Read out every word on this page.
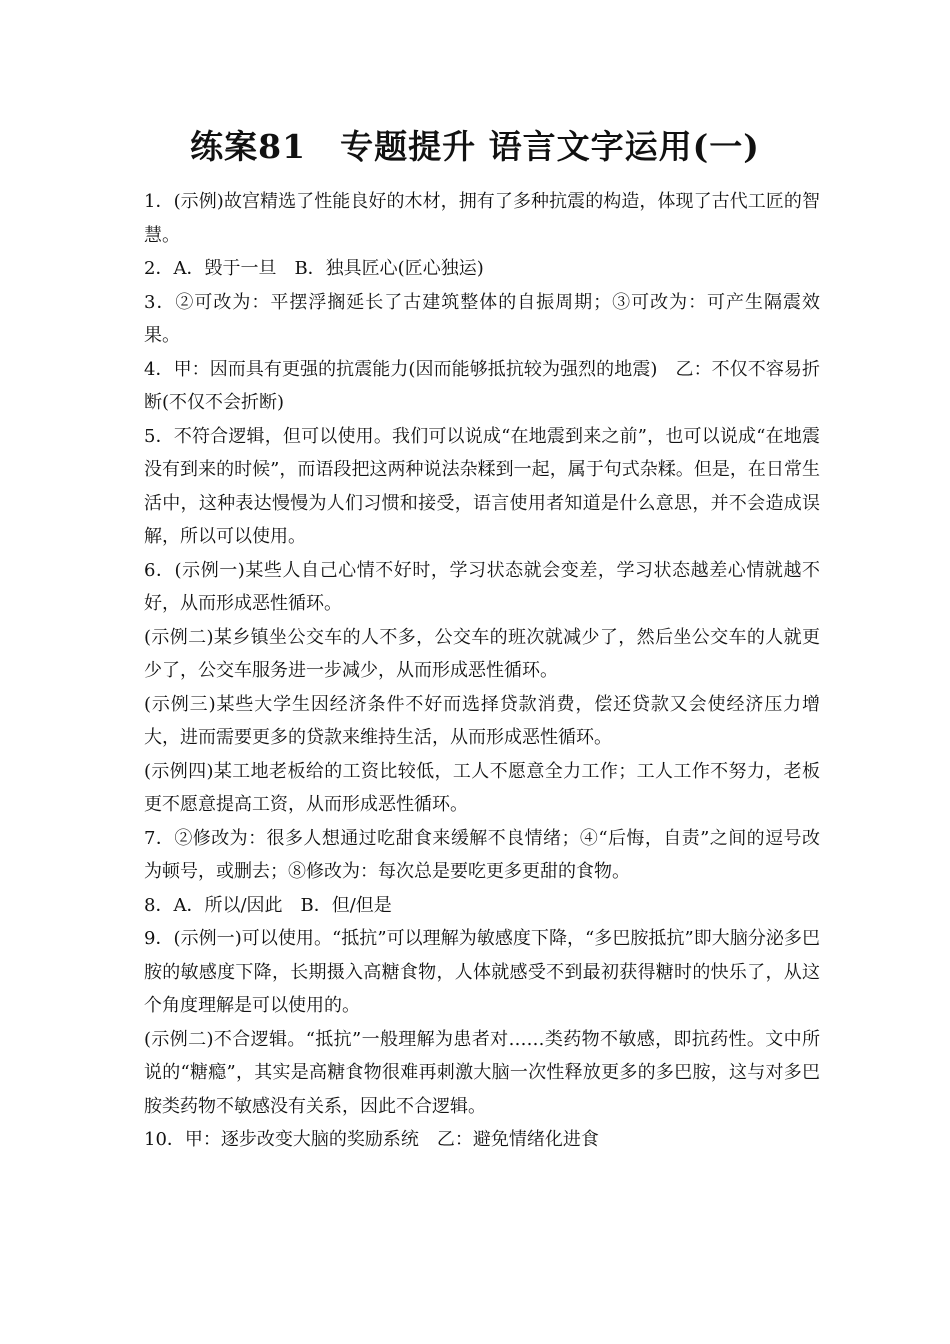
练案81　专题提升 语言文字运用(一)

1．(示例)故宫精选了性能良好的木材，拥有了多种抗震的构造，体现了古代工匠的智慧。

2．A．毁于一旦　B．独具匠心(匠心独运)

3．②可改为：平摆浮搁延长了古建筑整体的自振周期；③可改为：可产生隔震效果。

4．甲：因而具有更强的抗震能力(因而能够抵抗较为强烈的地震)　乙：不仅不容易折断(不仅不会折断)

5．不符合逻辑，但可以使用。我们可以说成“在地震到来之前”，也可以说成“在地震没有到来的时候”，而语段把这两种说法杂糅到一起，属于句式杂糅。但是，在日常生活中，这种表达慢慢为人们习惯和接受，语言使用者知道是什么意思，并不会造成误解，所以可以使用。

6．(示例一)某些人自己心情不好时，学习状态就会变差，学习状态越差心情就越不好，从而形成恶性循环。

(示例二)某乡镇坐公交车的人不多，公交车的班次就减少了，然后坐公交车的人就更少了，公交车服务进一步减少，从而形成恶性循环。

(示例三)某些大学生因经济条件不好而选择贷款消费，偿还贷款又会使经济压力增大，进而需要更多的贷款来维持生活，从而形成恶性循环。

(示例四)某工地老板给的工资比较低，工人不愿意全力工作；工人工作不努力，老板更不愿意提高工资，从而形成恶性循环。

7．②修改为：很多人想通过吃甜食来缓解不良情绪；④“后悔，自责”之间的逗号改为顿号，或删去；⑧修改为：每次总是要吃更多更甜的食物。

8．A．所以/因此　B．但/但是

9．(示例一)可以使用。“抵抗”可以理解为敏感度下降，“多巴胺抵抗”即大脑分泌多巴胺的敏感度下降，长期摄入高糖食物，人体就感受不到最初获得糖时的快乐了，从这个角度理解是可以使用的。

(示例二)不合逻辑。“抵抗”一般理解为患者对……类药物不敏感，即抗药性。文中所说的“糖瘾”，其实是高糖食物很难再刺激大脑一次性释放更多的多巴胺，这与对多巴胺类药物不敏感没有关系，因此不合逻辑。

10．甲：逐步改变大脑的奖励系统　乙：避免情绪化进食
